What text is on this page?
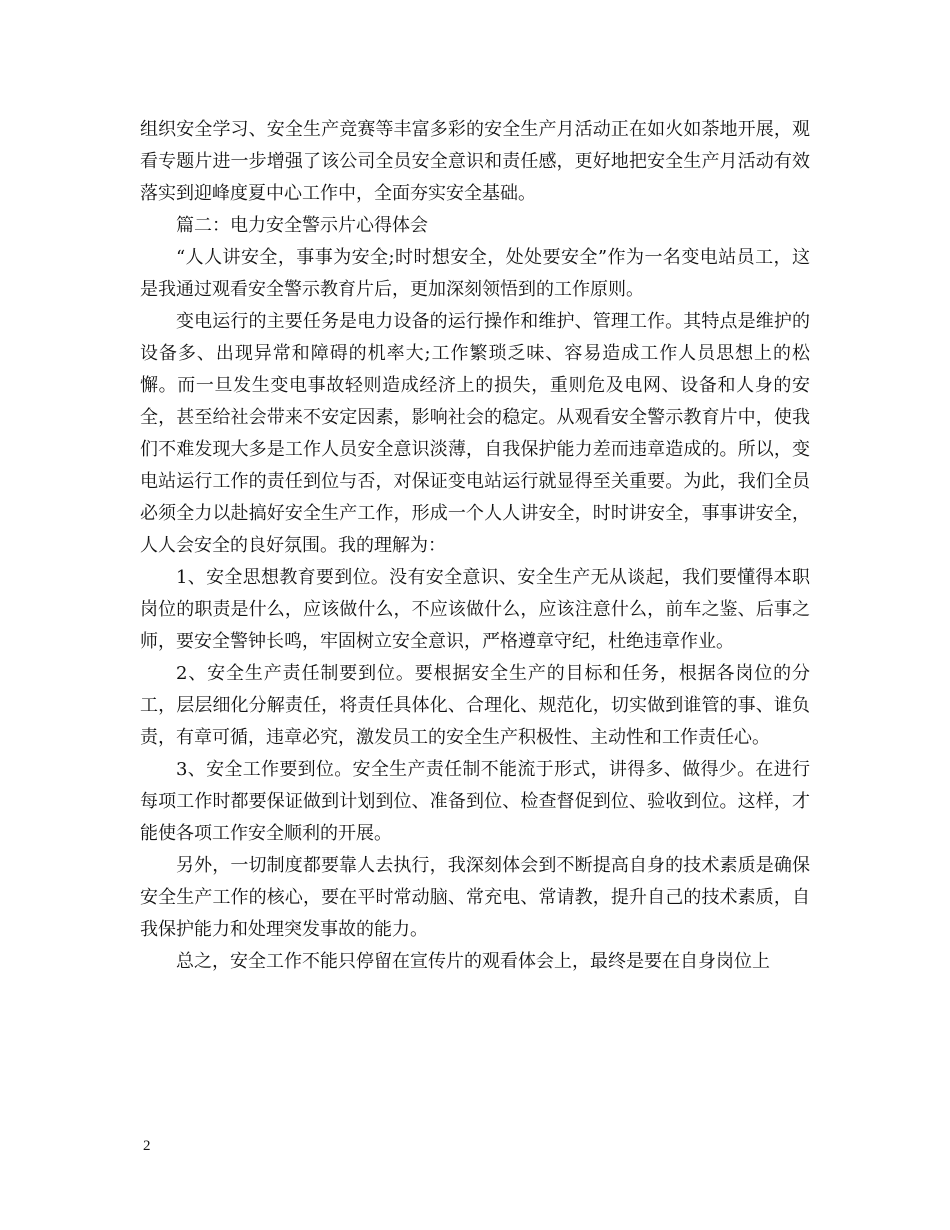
组织安全学习、安全生产竞赛等丰富多彩的安全生产月活动正在如火如荼地开展，观看专题片进一步增强了该公司全员安全意识和责任感，更好地把安全生产月活动有效落实到迎峰度夏中心工作中，全面夯实安全基础。

篇二：电力安全警示片心得体会

“人人讲安全，事事为安全;时时想安全，处处要安全”作为一名变电站员工，这是我通过观看安全警示教育片后，更加深刻领悟到的工作原则。

变电运行的主要任务是电力设备的运行操作和维护、管理工作。其特点是维护的设备多、出现异常和障碍的机率大;工作繁琐乏味、容易造成工作人员思想上的松懈。而一旦发生变电事故轻则造成经济上的损失，重则危及电网、设备和人身的安全，甚至给社会带来不安定因素，影响社会的稳定。从观看安全警示教育片中，使我们不难发现大多是工作人员安全意识淡薄，自我保护能力差而违章造成的。所以，变电站运行工作的责任到位与否，对保证变电站运行就显得至关重要。为此，我们全员必须全力以赴搞好安全生产工作，形成一个人人讲安全，时时讲安全，事事讲安全，人人会安全的良好氛围。我的理解为：

1、安全思想教育要到位。没有安全意识、安全生产无从谈起，我们要懂得本职岗位的职责是什么，应该做什么，不应该做什么，应该注意什么，前车之鉴、后事之师，要安全警钟长鸣，牢固树立安全意识，严格遵章守纪，杜绝违章作业。

2、安全生产责任制要到位。要根据安全生产的目标和任务，根据各岗位的分工，层层细化分解责任，将责任具体化、合理化、规范化，切实做到谁管的事、谁负责，有章可循，违章必究，激发员工的安全生产积极性、主动性和工作责任心。

3、安全工作要到位。安全生产责任制不能流于形式，讲得多、做得少。在进行每项工作时都要保证做到计划到位、准备到位、检查督促到位、验收到位。这样，才能使各项工作安全顺利的开展。

另外，一切制度都要靠人去执行，我深刻体会到不断提高自身的技术素质是确保安全生产工作的核心，要在平时常动脑、常充电、常请教，提升自己的技术素质，自我保护能力和处理突发事故的能力。

总之，安全工作不能只停留在宣传片的观看体会上，最终是要在自身岗位上

2
